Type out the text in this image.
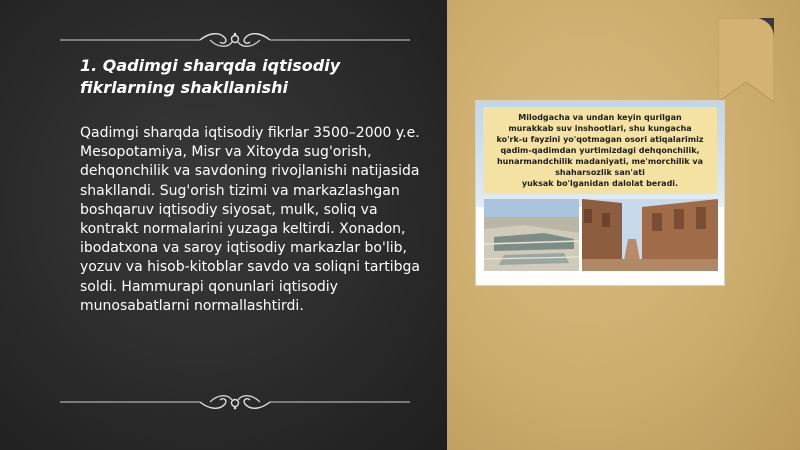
1. Qadimgi sharqda iqtisodiy
fikrlarning shakllanishi

Qadimgi sharqda iqtisodiy fikrlar 3500–2000 y.e. Mesopotamiya, Misr va Xitoyda sug'orish, dehqonchilik va savdoning rivojlanishi natijasida shakllandi. Sug'orish tizimi va markazlashgan boshqaruv iqtisodiy siyosat, mulk, soliq va kontrakt normalarini yuzaga keltirdi. Xonadon, ibodatxona va saroy iqtisodiy markazlar bo'lib, yozuv va hisob-kitoblar savdo va soliqni tartibga soldi. Hammurapi qonunlari iqtisodiy munosabatlarni normallashtirdi.

Milodgacha va undan keyin qurilgan
murakkab suv inshootlari, shu kungacha
ko'rk-u fayzini yo'qotmagan osori atiqalarimiz
qadim-qadimdan yurtimizdagi dehqonchilik,
hunarmandchilik madaniyati, me'morchilik va
shaharsozlik san'ati
yuksak bo'lganidan dalolat beradi.
